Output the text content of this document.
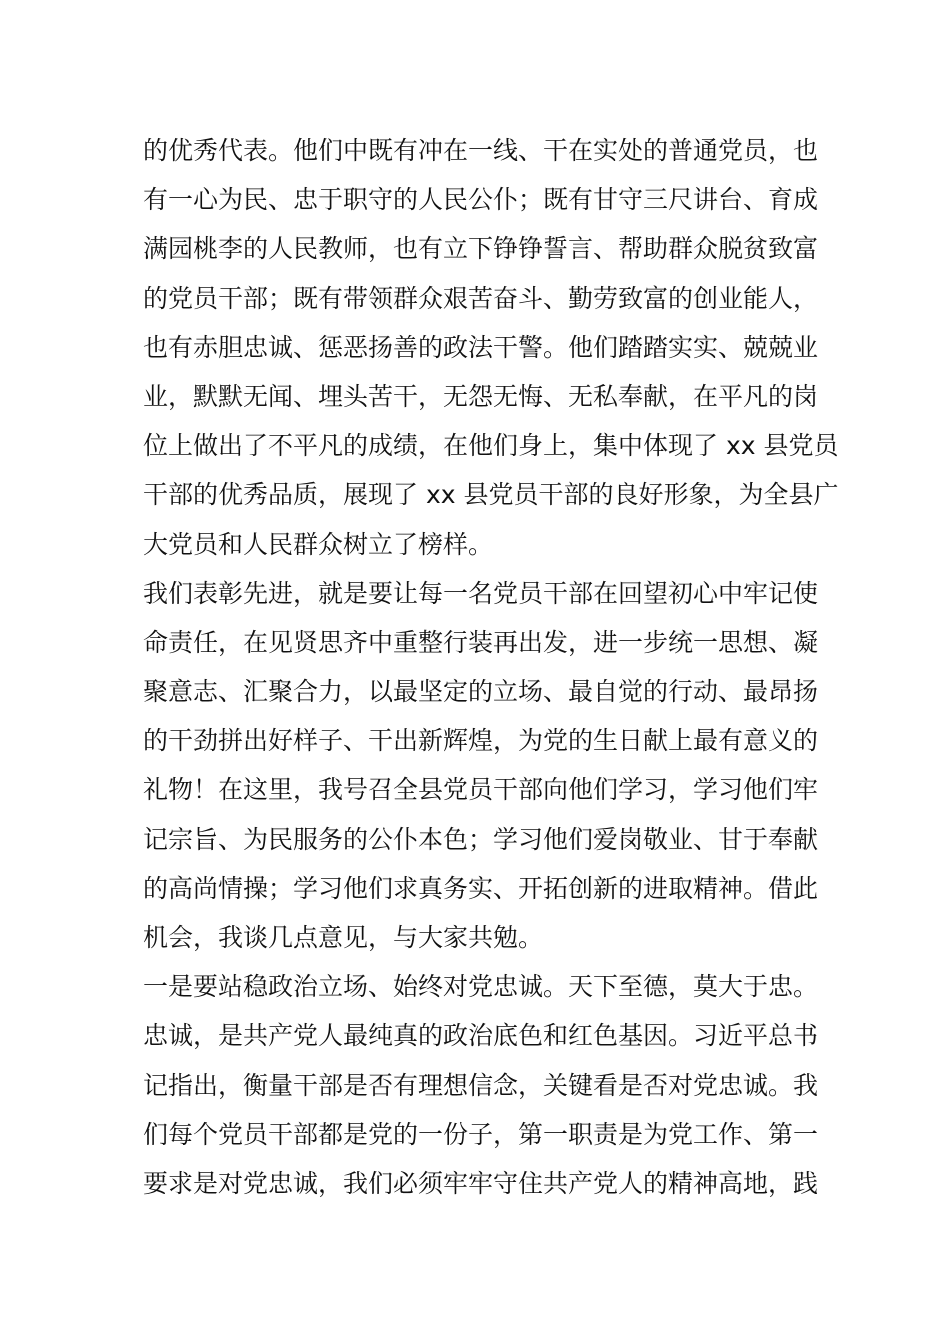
的优秀代表。他们中既有冲在一线、干在实处的普通党员，也
有一心为民、忠于职守的人民公仆；既有甘守三尺讲台、育成
满园桃李的人民教师，也有立下铮铮誓言、帮助群众脱贫致富
的党员干部；既有带领群众艰苦奋斗、勤劳致富的创业能人，
也有赤胆忠诚、惩恶扬善的政法干警。他们踏踏实实、兢兢业
业，默默无闻、埋头苦干，无怨无悔、无私奉献，在平凡的岗
位上做出了不平凡的成绩，在他们身上，集中体现了 xx 县党员
干部的优秀品质，展现了 xx 县党员干部的良好形象，为全县广
大党员和人民群众树立了榜样。
我们表彰先进，就是要让每一名党员干部在回望初心中牢记使
命责任，在见贤思齐中重整行装再出发，进一步统一思想、凝
聚意志、汇聚合力，以最坚定的立场、最自觉的行动、最昂扬
的干劲拼出好样子、干出新辉煌，为党的生日献上最有意义的
礼物！在这里，我号召全县党员干部向他们学习，学习他们牢
记宗旨、为民服务的公仆本色；学习他们爱岗敬业、甘于奉献
的高尚情操；学习他们求真务实、开拓创新的进取精神。借此
机会，我谈几点意见，与大家共勉。
一是要站稳政治立场、始终对党忠诚。天下至德，莫大于忠。
忠诚，是共产党人最纯真的政治底色和红色基因。习近平总书
记指出，衡量干部是否有理想信念，关键看是否对党忠诚。我
们每个党员干部都是党的一份子，第一职责是为党工作、第一
要求是对党忠诚，我们必须牢牢守住共产党人的精神高地，践
